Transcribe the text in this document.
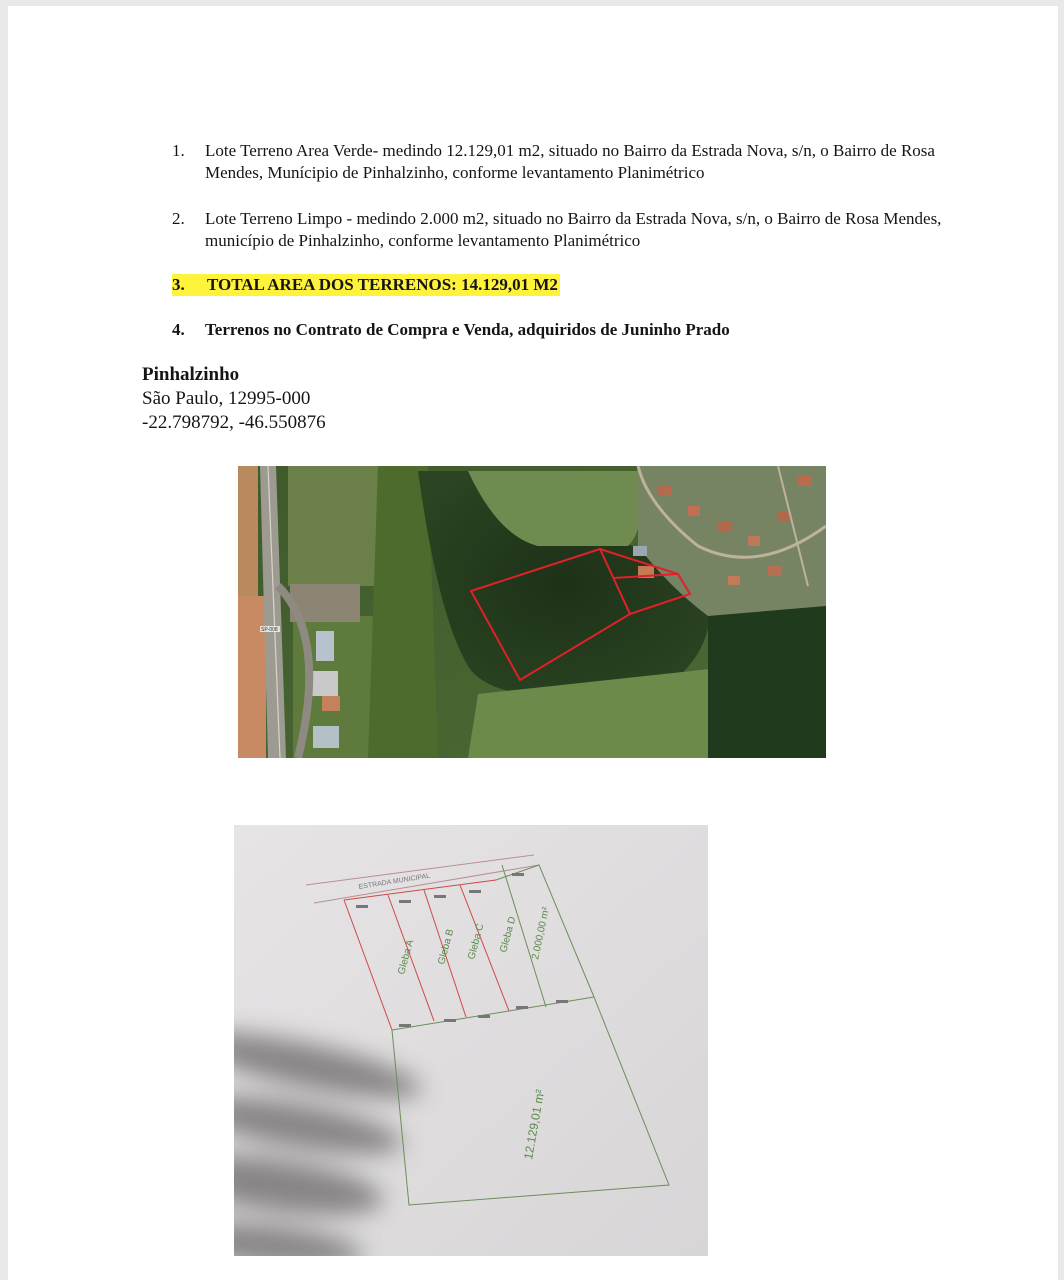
1. Lote Terreno Area Verde- medindo 12.129,01 m2, situado no Bairro da Estrada Nova, s/n, o Bairro de Rosa Mendes, Munícipio de Pinhalzinho, conforme levantamento Planimétrico
2. Lote Terreno Limpo - medindo 2.000 m2, situado no Bairro da Estrada Nova, s/n, o Bairro de Rosa Mendes, município de Pinhalzinho, conforme levantamento Planimétrico
3. TOTAL AREA DOS TERRENOS: 14.129,01 M2
4. Terrenos no Contrato de Compra e Venda, adquiridos de Juninho Prado
Pinhalzinho
São Paulo, 12995-000
-22.798792, -46.550876
SP-008
ESTRADA MUNICIPAL
Gleba A Gleba B Gleba C Gleba D 2.000,00 m²
12.129,01 m²
